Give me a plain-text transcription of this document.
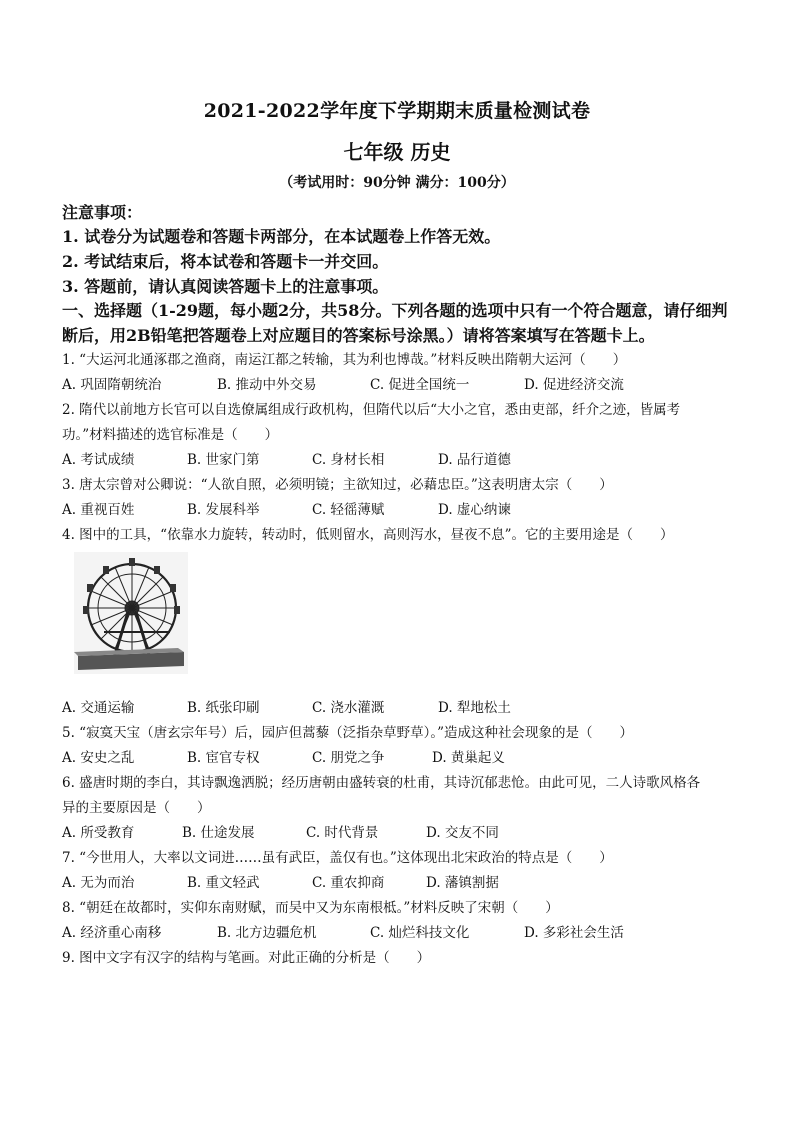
2021-2022学年度下学期期末质量检测试卷
七年级 历史
（考试用时：90分钟 满分：100分）
注意事项：
1. 试卷分为试题卷和答题卡两部分，在本试题卷上作答无效。
2. 考试结束后，将本试卷和答题卡一并交回。
3. 答题前，请认真阅读答题卡上的注意事项。
一、选择题（1-29题，每小题2分，共58分。下列各题的选项中只有一个符合题意，请仔细判
断后，用2B铅笔把答题卷上对应题目的答案标号涂黑。）请将答案填写在答题卡上。
1. “大运河北通涿郡之渔商，南运江都之转输，其为利也博哉。”材料反映出隋朝大运河（　　）
A. 巩固隋朝统治	B. 推动中外交易	C. 促进全国统一	D. 促进经济交流
2. 隋代以前地方长官可以自选僚属组成行政机构，但隋代以后“大小之官，悉由吏部，纤介之迹，皆属考
功。”材料描述的选官标准是（　　）
A. 考试成绩	B. 世家门第	C. 身材长相	D. 品行道德
3. 唐太宗曾对公卿说：“人欲自照，必须明镜；主欲知过，必藉忠臣。”这表明唐太宗（　　）
A. 重视百姓	B. 发展科举	C. 轻徭薄赋	D. 虚心纳谏
4. 图中的工具，“依靠水力旋转，转动时，低则留水，高则泻水，昼夜不息”。它的主要用途是（　　）
A. 交通运输	B. 纸张印刷	C. 浇水灌溉	D. 犁地松土
5. “寂寞天宝（唐玄宗年号）后，园庐但蒿藜（泛指杂草野草）。”造成这种社会现象的是（　　）
A. 安史之乱	B. 宦官专权	C. 朋党之争	D. 黄巢起义
6. 盛唐时期的李白，其诗飘逸洒脱；经历唐朝由盛转衰的杜甫，其诗沉郁悲怆。由此可见，二人诗歌风格各
异的主要原因是（　　）
A. 所受教育	B. 仕途发展	C. 时代背景	D. 交友不同
7. “今世用人，大率以文词进……虽有武臣，盖仅有也。”这体现出北宋政治的特点是（　　）
A. 无为而治	B. 重文轻武	C. 重农抑商	D. 藩镇割据
8. “朝廷在故都时，实仰东南财赋，而吴中又为东南根柢。”材料反映了宋朝（　　）
A. 经济重心南移	B. 北方边疆危机	C. 灿烂科技文化	D. 多彩社会生活
9. 图中文字有汉字的结构与笔画。对此正确的分析是（　　）
